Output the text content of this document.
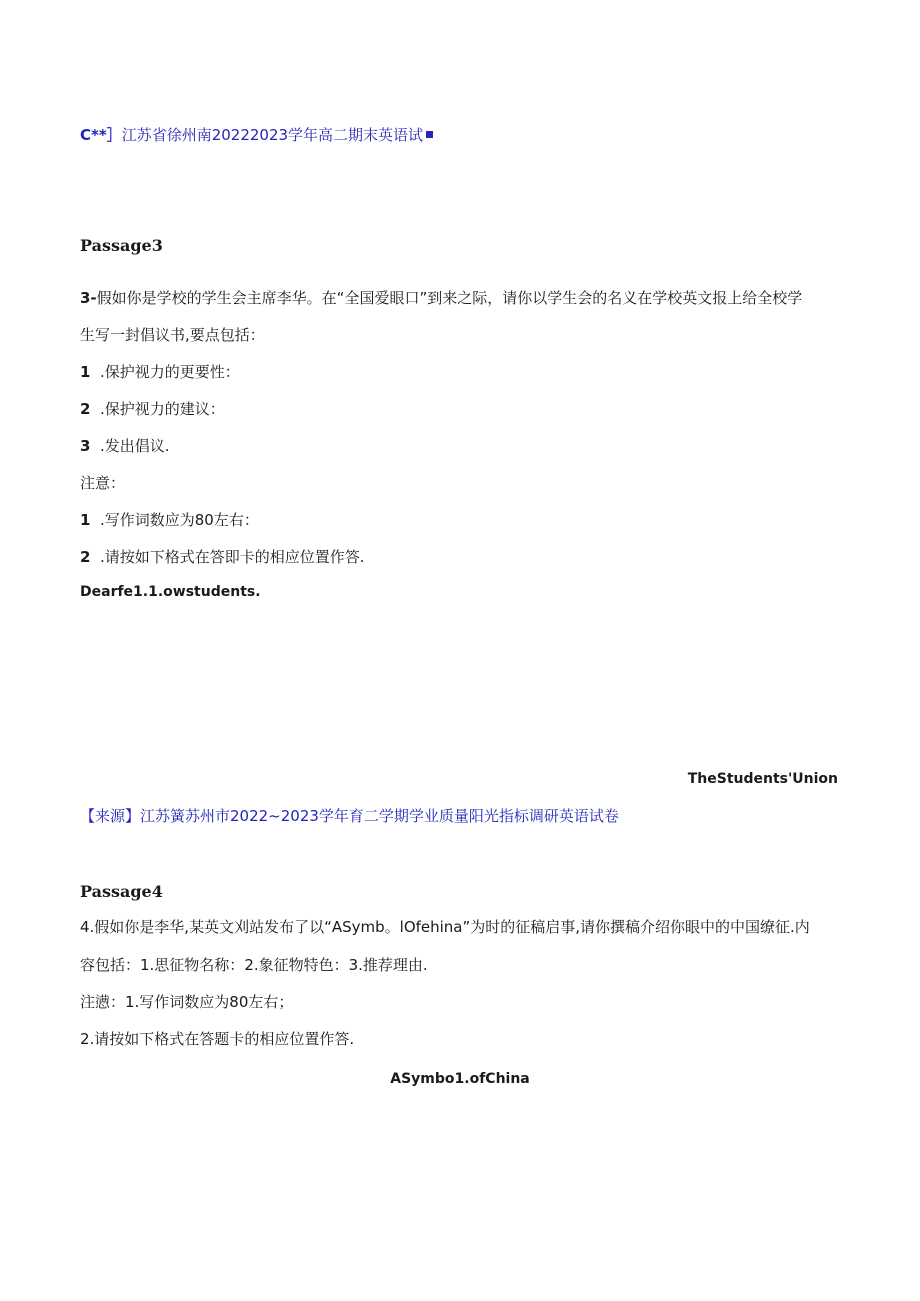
C**］江苏省徐州南20222023学年高二期末英语试
Passage3
3-假如你是学校的学生会主席李华。在“全国爱眼口”到来之际，请你以学生会的名义在学校英文报上给全校学
生写一封倡议书,要点包括：
1 .保护视力的更要性：
2 .保护视力的建议：
3 .发出倡议.
注意：
1 .写作词数应为80左右：
2 .请按如下格式在答即卡的相应位置作答.
Dearfe1.1.owstudents.
TheStudents'Union
【来源】江苏簧苏州市2022~2023学年育二学期学业质量阳光指标调研英语试卷
Passage4
4.假如你是李华,某英文刈站发布了以“ASymb。lOfehina”为时的征稿启事,请你撰稿介绍你眼中的中国缭征.内
容包括：1.思征物名称：2.象征物特色：3.推荐理由.
注懑：1.写作词数应为80左右；
2.请按如下格式在答题卡的相应位置作答.
ASymbo1.ofChina
